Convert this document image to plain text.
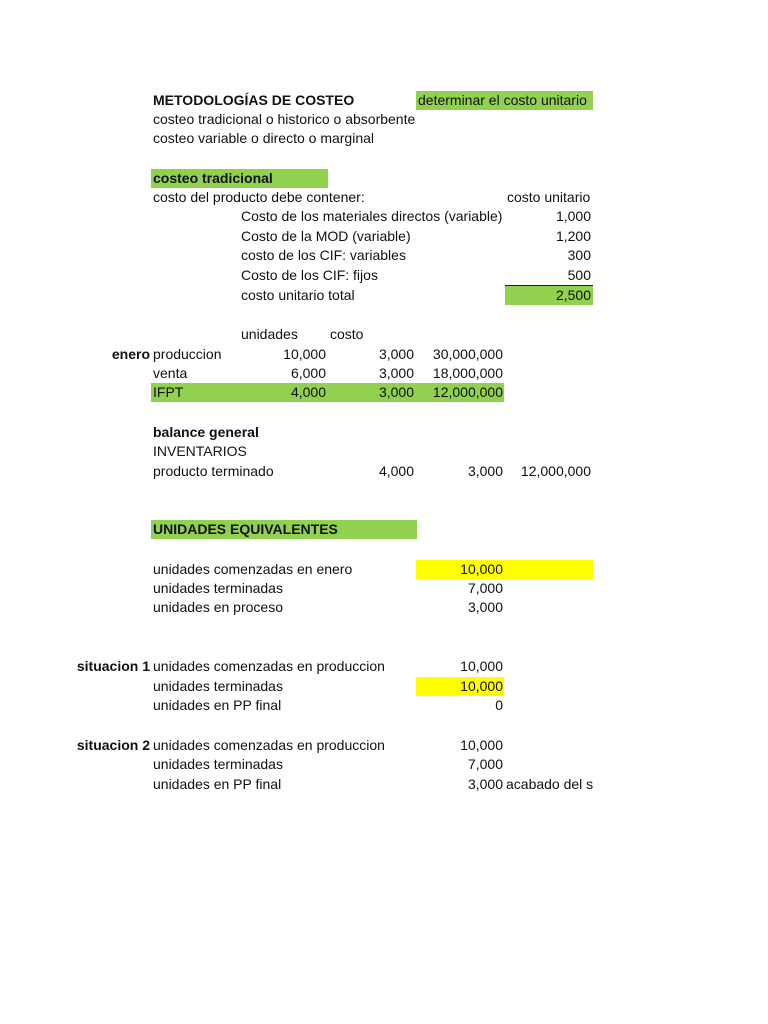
METODOLOGÍAS DE COSTEO	determinar el costo unitario
costeo tradicional o historico o absorbente
costeo variable o directo o marginal
costeo tradicional
costo del producto debe contener:	costo unitario
Costo de los materiales directos (variable)	1,000
Costo de la MOD (variable)	1,200
costo de los CIF: variables	300
Costo de los CIF: fijos	500
costo unitario total	2,500
unidades	costo
enero produccion	10,000	3,000	30,000,000
venta	6,000	3,000	18,000,000
IFPT	4,000	3,000	12,000,000
balance general
INVENTARIOS
producto terminado	4,000	3,000	12,000,000
UNIDADES EQUIVALENTES
unidades comenzadas en enero	10,000
unidades terminadas	7,000
unidades en proceso	3,000
situacion 1 unidades comenzadas en produccion	10,000
unidades terminadas	10,000
unidades en PP final	0
situacion 2 unidades comenzadas en produccion	10,000
unidades terminadas	7,000
unidades en PP final	3,000 acabado del s
